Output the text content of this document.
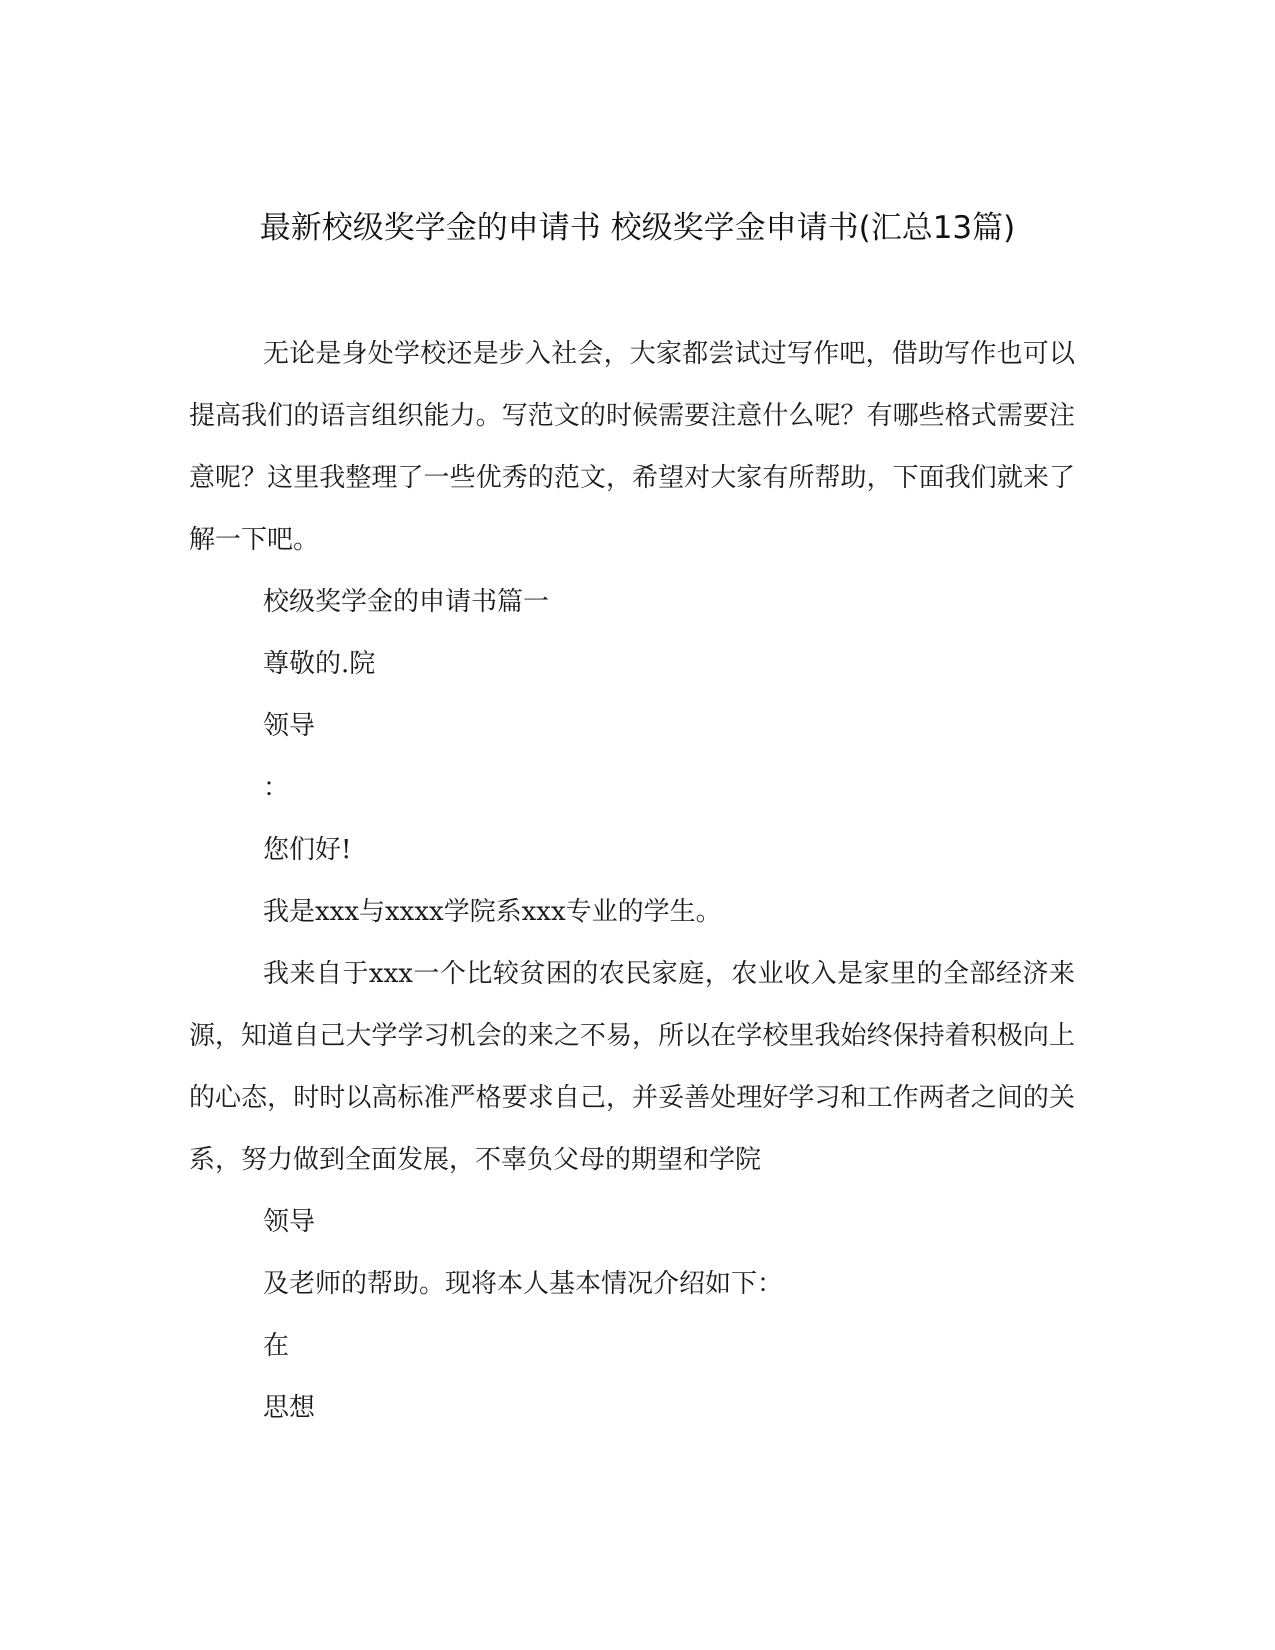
最新校级奖学金的申请书 校级奖学金申请书(汇总13篇)

无论是身处学校还是步入社会，大家都尝试过写作吧，借助写作也可以提高我们的语言组织能力。写范文的时候需要注意什么呢？有哪些格式需要注意呢？这里我整理了一些优秀的范文，希望对大家有所帮助，下面我们就来了解一下吧。

校级奖学金的申请书篇一

尊敬的.院

领导

：

您们好!

我是xxx与xxxx学院系xxx专业的学生。

我来自于xxx一个比较贫困的农民家庭，农业收入是家里的全部经济来源，知道自己大学学习机会的来之不易，所以在学校里我始终保持着积极向上的心态，时时以高标准严格要求自己，并妥善处理好学习和工作两者之间的关系，努力做到全面发展，不辜负父母的期望和学院

领导

及老师的帮助。现将本人基本情况介绍如下：

在

思想
